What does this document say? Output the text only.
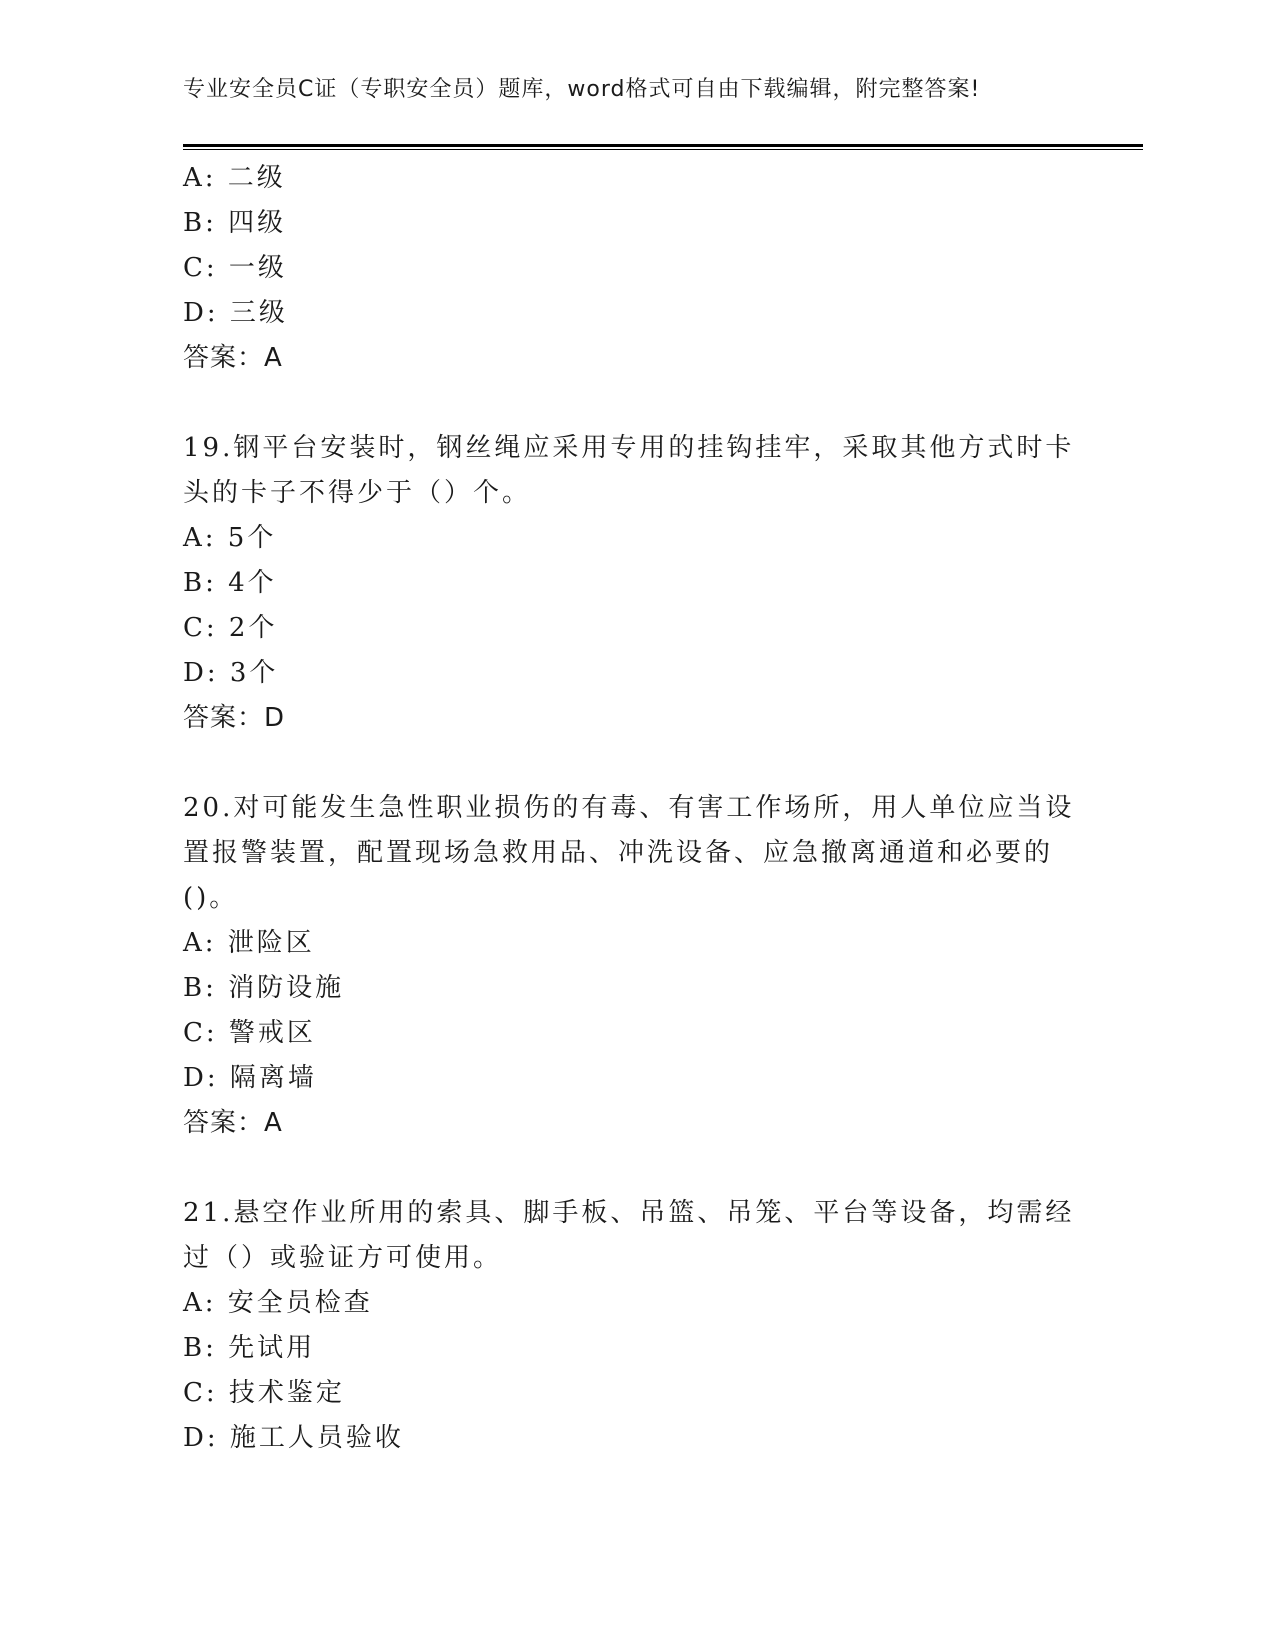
专业安全员C证（专职安全员）题库，word格式可自由下载编辑，附完整答案!
A: 二级
B: 四级
C: 一级
D: 三级
答案：A
19.钢平台安装时，钢丝绳应采用专用的挂钩挂牢，采取其他方式时卡
头的卡子不得少于（）个。
A: 5个
B: 4个
C: 2个
D: 3个
答案：D
20.对可能发生急性职业损伤的有毒、有害工作场所，用人单位应当设
置报警装置，配置现场急救用品、冲洗设备、应急撤离通道和必要的
()。
A: 泄险区
B: 消防设施
C: 警戒区
D: 隔离墙
答案：A
21.悬空作业所用的索具、脚手板、吊篮、吊笼、平台等设备，均需经
过（）或验证方可使用。
A: 安全员检查
B: 先试用
C: 技术鉴定
D: 施工人员验收
